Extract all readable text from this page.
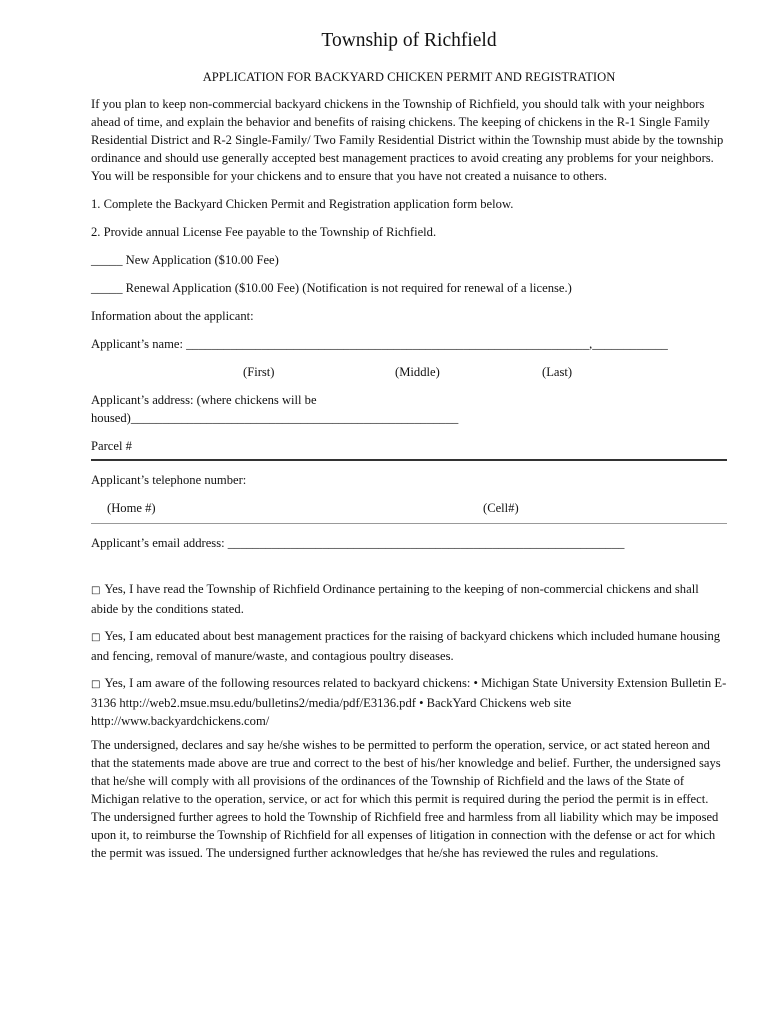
Township of Richfield
APPLICATION FOR BACKYARD CHICKEN PERMIT AND REGISTRATION

If you plan to keep non-commercial backyard chickens in the Township of Richfield, you should talk with your neighbors ahead of time, and explain the behavior and benefits of raising chickens. The keeping of chickens in the R-1 Single Family Residential District and R-2 Single-Family/ Two Family Residential District within the Township must abide by the township ordinance and should use generally accepted best management practices to avoid creating any problems for your neighbors. You will be responsible for your chickens and to ensure that you have not created a nuisance to others.

1. Complete the Backyard Chicken Permit and Registration application form below.
2. Provide annual License Fee payable to the Township of Richfield.
_____ New Application ($10.00 Fee)
_____ Renewal Application ($10.00 Fee) (Notification is not required for renewal of a license.)
Information about the applicant:
Applicant’s name: ________________________________________________________________,____________
(First)	(Middle)	(Last)
Applicant’s address: (where chickens will be
housed)____________________________________________________
Parcel #
Applicant’s telephone number:
(Home #)	(Cell#)
Applicant’s email address: _______________________________________________________________

□ Yes, I have read the Township of Richfield Ordinance pertaining to the keeping of non-commercial chickens and shall abide by the conditions stated.

□ Yes, I am educated about best management practices for the raising of backyard chickens which included humane housing and fencing, removal of manure/waste, and contagious poultry diseases.

□ Yes, I am aware of the following resources related to backyard chickens: • Michigan State University Extension Bulletin E-3136 http://web2.msue.msu.edu/bulletins2/media/pdf/E3136.pdf • BackYard Chickens web site http://www.backyardchickens.com/

The undersigned, declares and say he/she wishes to be permitted to perform the operation, service, or act stated hereon and that the statements made above are true and correct to the best of his/her knowledge and belief. Further, the undersigned says that he/she will comply with all provisions of the ordinances of the Township of Richfield and the laws of the State of Michigan relative to the operation, service, or act for which this permit is required during the period the permit is in effect. The undersigned further agrees to hold the Township of Richfield free and harmless from all liability which may be imposed upon it, to reimburse the Township of Richfield for all expenses of litigation in connection with the defense or act for which the permit was issued. The undersigned further acknowledges that he/she has reviewed the rules and regulations.
